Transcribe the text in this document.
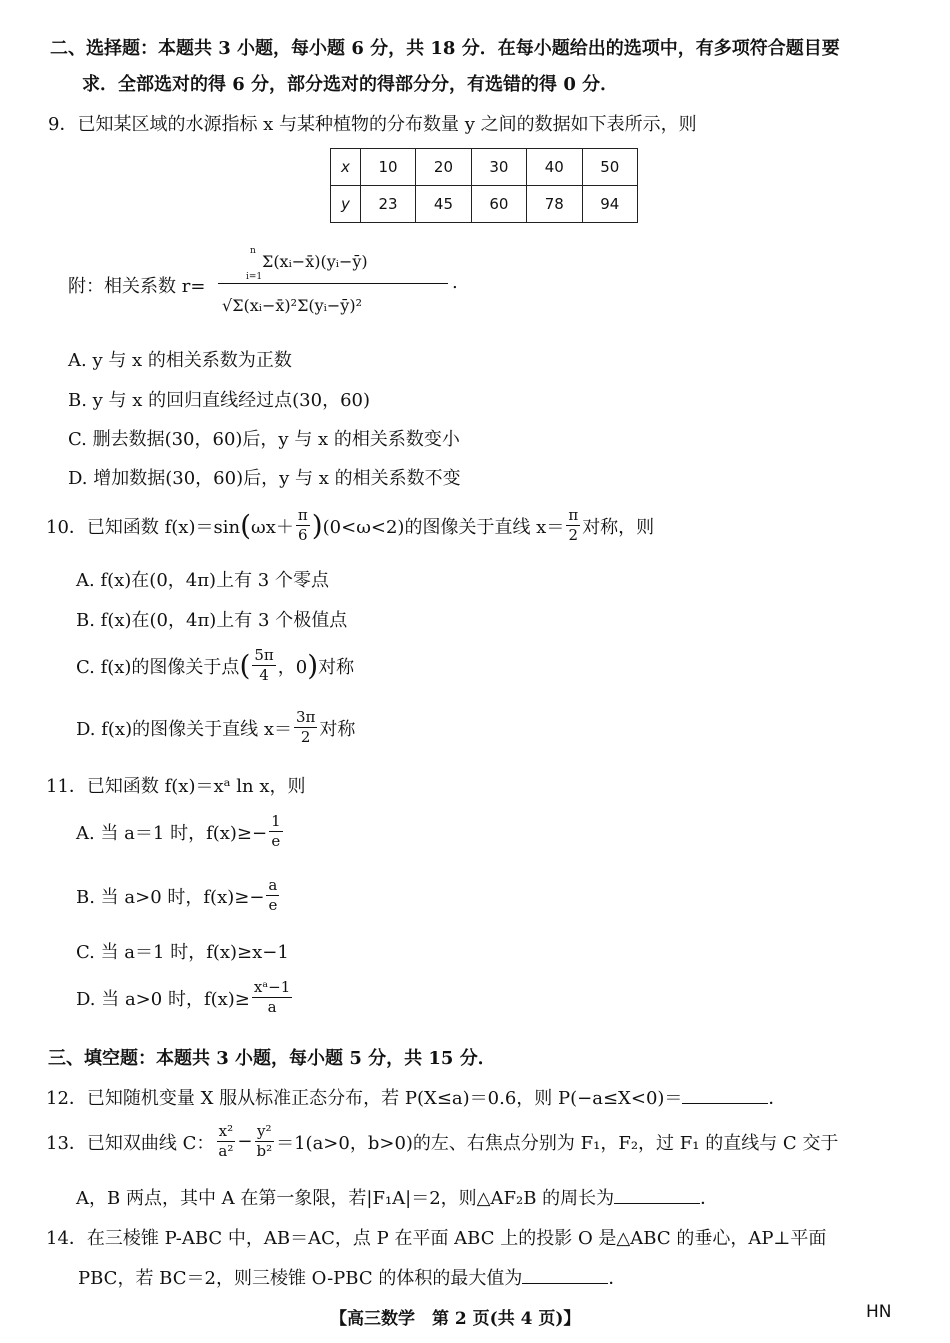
二、选择题：本题共 3 小题，每小题 6 分，共 18 分．在每小题给出的选项中，有多项符合题目要
求．全部选对的得 6 分，部分选对的得部分分，有选错的得 0 分．
9．已知某区域的水源指标 x 与某种植物的分布数量 y 之间的数据如下表所示，则
x	10	20	30	40	50
y	23	45	60	78	94
附：相关系数 r=
n
i=1
Σ(xᵢ−x̄)(yᵢ−ȳ)
√Σ(xᵢ−x̄)²Σ(yᵢ−ȳ)²
.
A. y 与 x 的相关系数为正数
B. y 与 x 的回归直线经过点(30，60)
C. 删去数据(30，60)后，y 与 x 的相关系数变小
D. 增加数据(30，60)后，y 与 x 的相关系数不变
10．已知函数 f(x)＝sin ( $\omega x+ \frac{\pi}{6}$ ) (0<ω<2)的图像关于直线 $x= \frac{\pi}{2}$ 对称，则
A. f(x)在(0，4π)上有 3 个零点
B. f(x)在(0，4π)上有 3 个极值点
C. f(x)的图像关于点 ( $\frac{5\pi}{4}$ ，0 ) 对称
D. f(x)的图像关于直线 $x= \frac{3\pi}{2}$ 对称
11．已知函数 f(x)＝xᵃ ln x，则
A. 当 a＝1 时，$f(x)\ge- \frac{1}{e}$
B. 当 a>0 时，$f(x)\ge- \frac{a}{e}$
C. 当 a＝1 时，f(x)≥x−1
D. 当 a>0 时，$f(x)\ge \frac{\text{xᵃ−1}}{a}$
三、填空题：本题共 3 小题，每小题 5 分，共 15 分．
12．已知随机变量 X 服从标准正态分布，若 P(X≤a)＝0.6，则 P(−a≤X<0)＝	．
13．已知双曲线 C： $\frac{\text{x²}}{\text{a²}} - \frac{\text{y²}}{\text{b²}} =1(a>0$，b>0)的左、右焦点分别为 F₁，F₂，过 F₁ 的直线与 C 交于
A，B 两点，其中 A 在第一象限，若|F₁A|＝2，则△AF₂B 的周长为	．
14．在三棱锥 P-ABC 中，AB＝AC，点 P 在平面 ABC 上的投影 O 是△ABC 的垂心，AP⊥平面
PBC，若 BC＝2，则三棱锥 O-PBC 的体积的最大值为	．
【高三数学　第 2 页(共 4 页)】	HN
